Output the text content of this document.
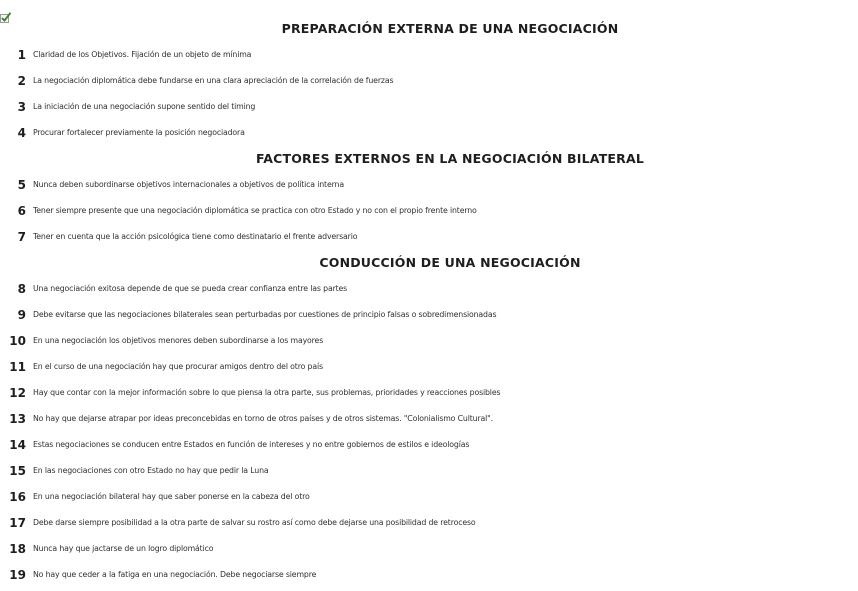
PREPARACIÓN EXTERNA DE UNA NEGOCIACIÓN
1 Claridad de los Objetivos. Fijación de un objeto de mínima
2 La negociación diplomática debe fundarse en una clara apreciación de la correlación de fuerzas
3 La iniciación de una negociación supone sentido del timing
4 Procurar fortalecer previamente la posición negociadora
FACTORES EXTERNOS EN LA NEGOCIACIÓN BILATERAL
5 Nunca deben subordinarse objetivos internacionales a objetivos de política interna
6 Tener siempre presente que una negociación diplomática se practica con otro Estado y no con el propio frente interno
7 Tener en cuenta que la acción psicológica tiene como destinatario el frente adversario
CONDUCCIÓN DE UNA NEGOCIACIÓN
8 Una negociación exitosa depende de que se pueda crear confianza entre las partes
9 Debe evitarse que las negociaciones bilaterales sean perturbadas por cuestiones de principio falsas o sobredimensionadas
10 En una negociación los objetivos menores deben subordinarse a los mayores
11 En el curso de una negociación hay que procurar amigos dentro del otro país
12 Hay que contar con la mejor información sobre lo que piensa la otra parte, sus problemas, prioridades y reacciones posibles
13 No hay que dejarse atrapar por ideas preconcebidas en torno de otros países y de otros sistemas. "Colonialismo Cultural".
14 Estas negociaciones se conducen entre Estados en función de intereses y no entre gobiernos de estilos e ideologías
15 En las negociaciones con otro Estado no hay que pedir la Luna
16 En una negociación bilateral hay que saber ponerse en la cabeza del otro
17 Debe darse siempre posibilidad a la otra parte de salvar su rostro así como debe dejarse una posibilidad de retroceso
18 Nunca hay que jactarse de un logro diplomático
19 No hay que ceder a la fatiga en una negociación. Debe negociarse siempre
